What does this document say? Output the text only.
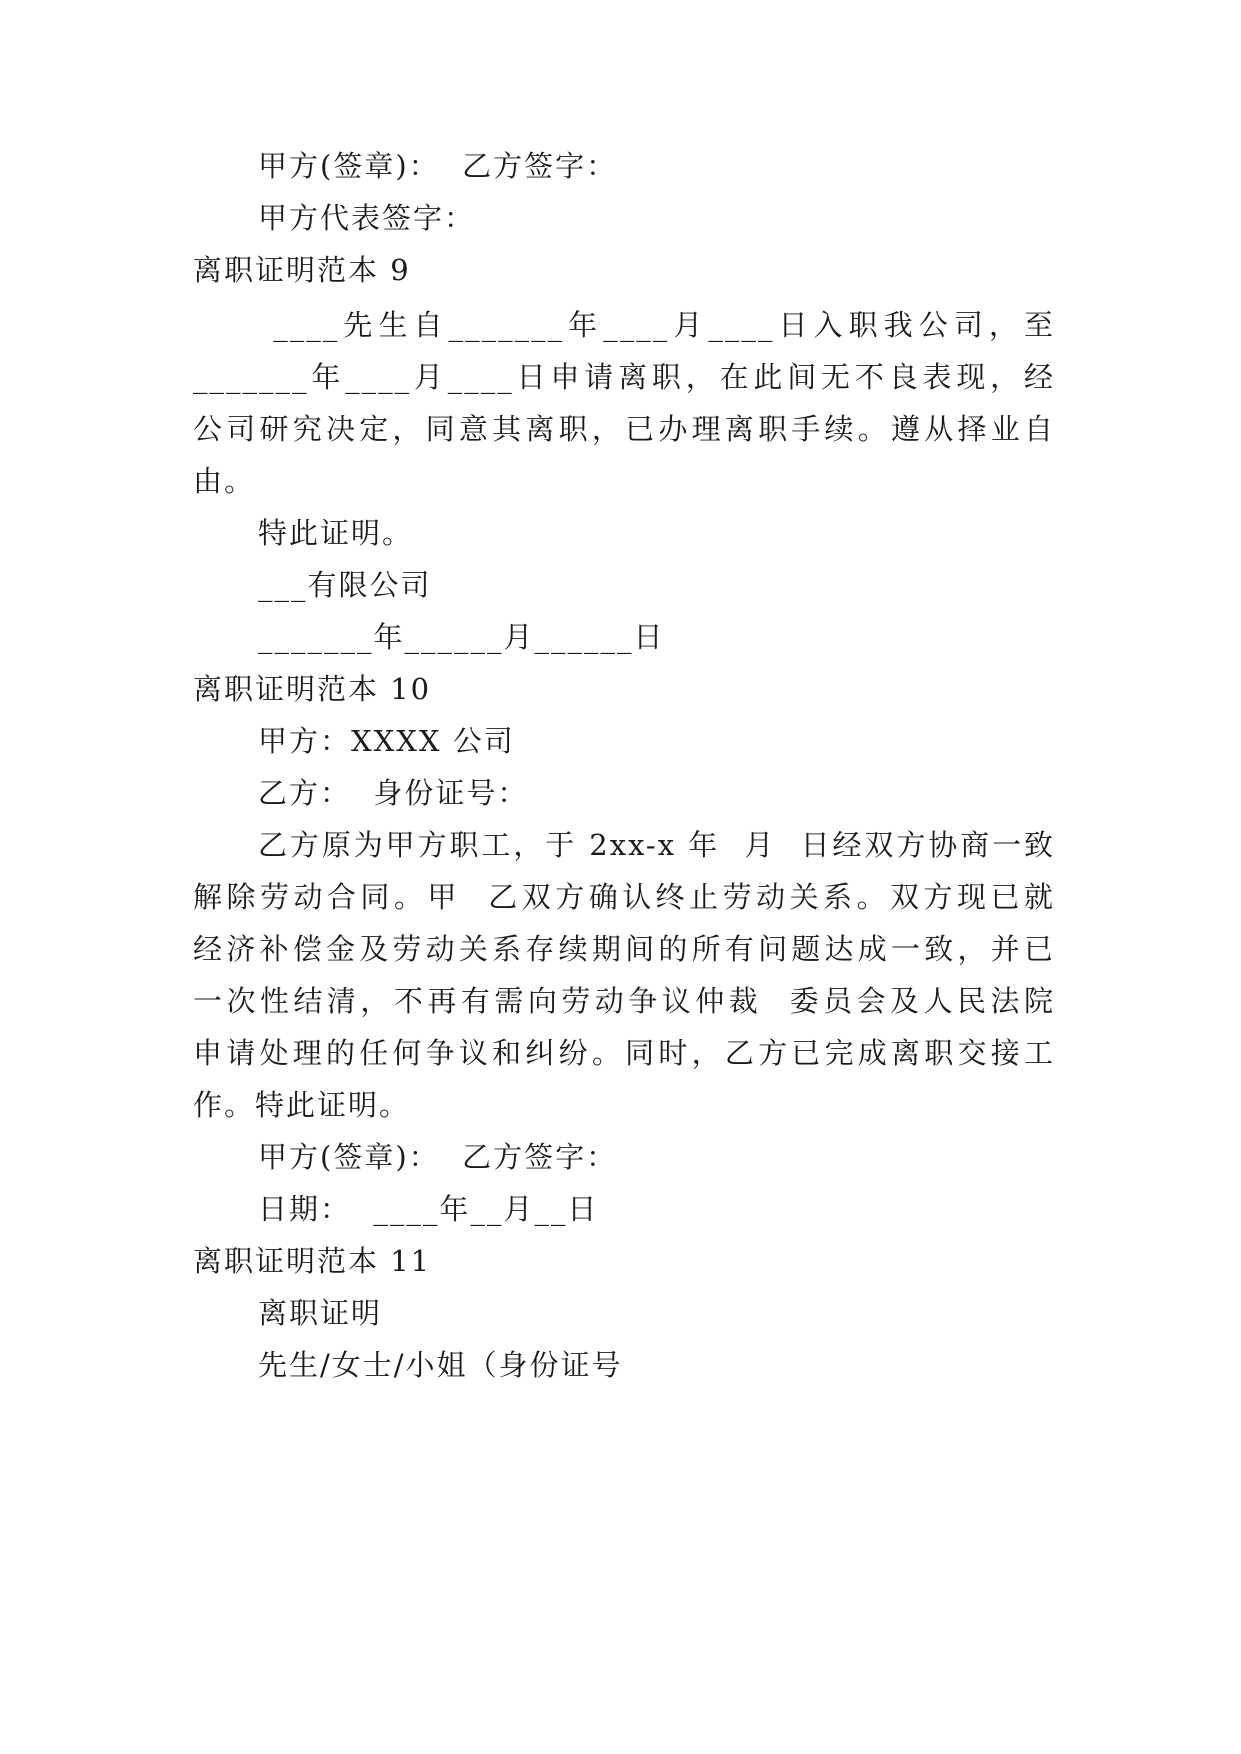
甲方(签章)：  乙方签字：
甲方代表签字：
离职证明范本 9
____先生自_______年____月____日入职我公司，至
_______年____月____日申请离职，在此间无不良表现，经
公司研究决定，同意其离职，已办理离职手续。遵从择业自
由。
特此证明。
___有限公司
_______年______月______日
离职证明范本 10
甲方：XXXX 公司
乙方：  身份证号：
乙方原为甲方职工，于 2xx-x 年  月  日经双方协商一致
解除劳动合同。甲  乙双方确认终止劳动关系。双方现已就
经济补偿金及劳动关系存续期间的所有问题达成一致，并已
一次性结清，不再有需向劳动争议仲裁  委员会及人民法院
申请处理的任何争议和纠纷。同时，乙方已完成离职交接工
作。特此证明。
甲方(签章)：  乙方签字：
日期：  ____年__月__日
离职证明范本 11
离职证明
先生/女士/小姐（身份证号
